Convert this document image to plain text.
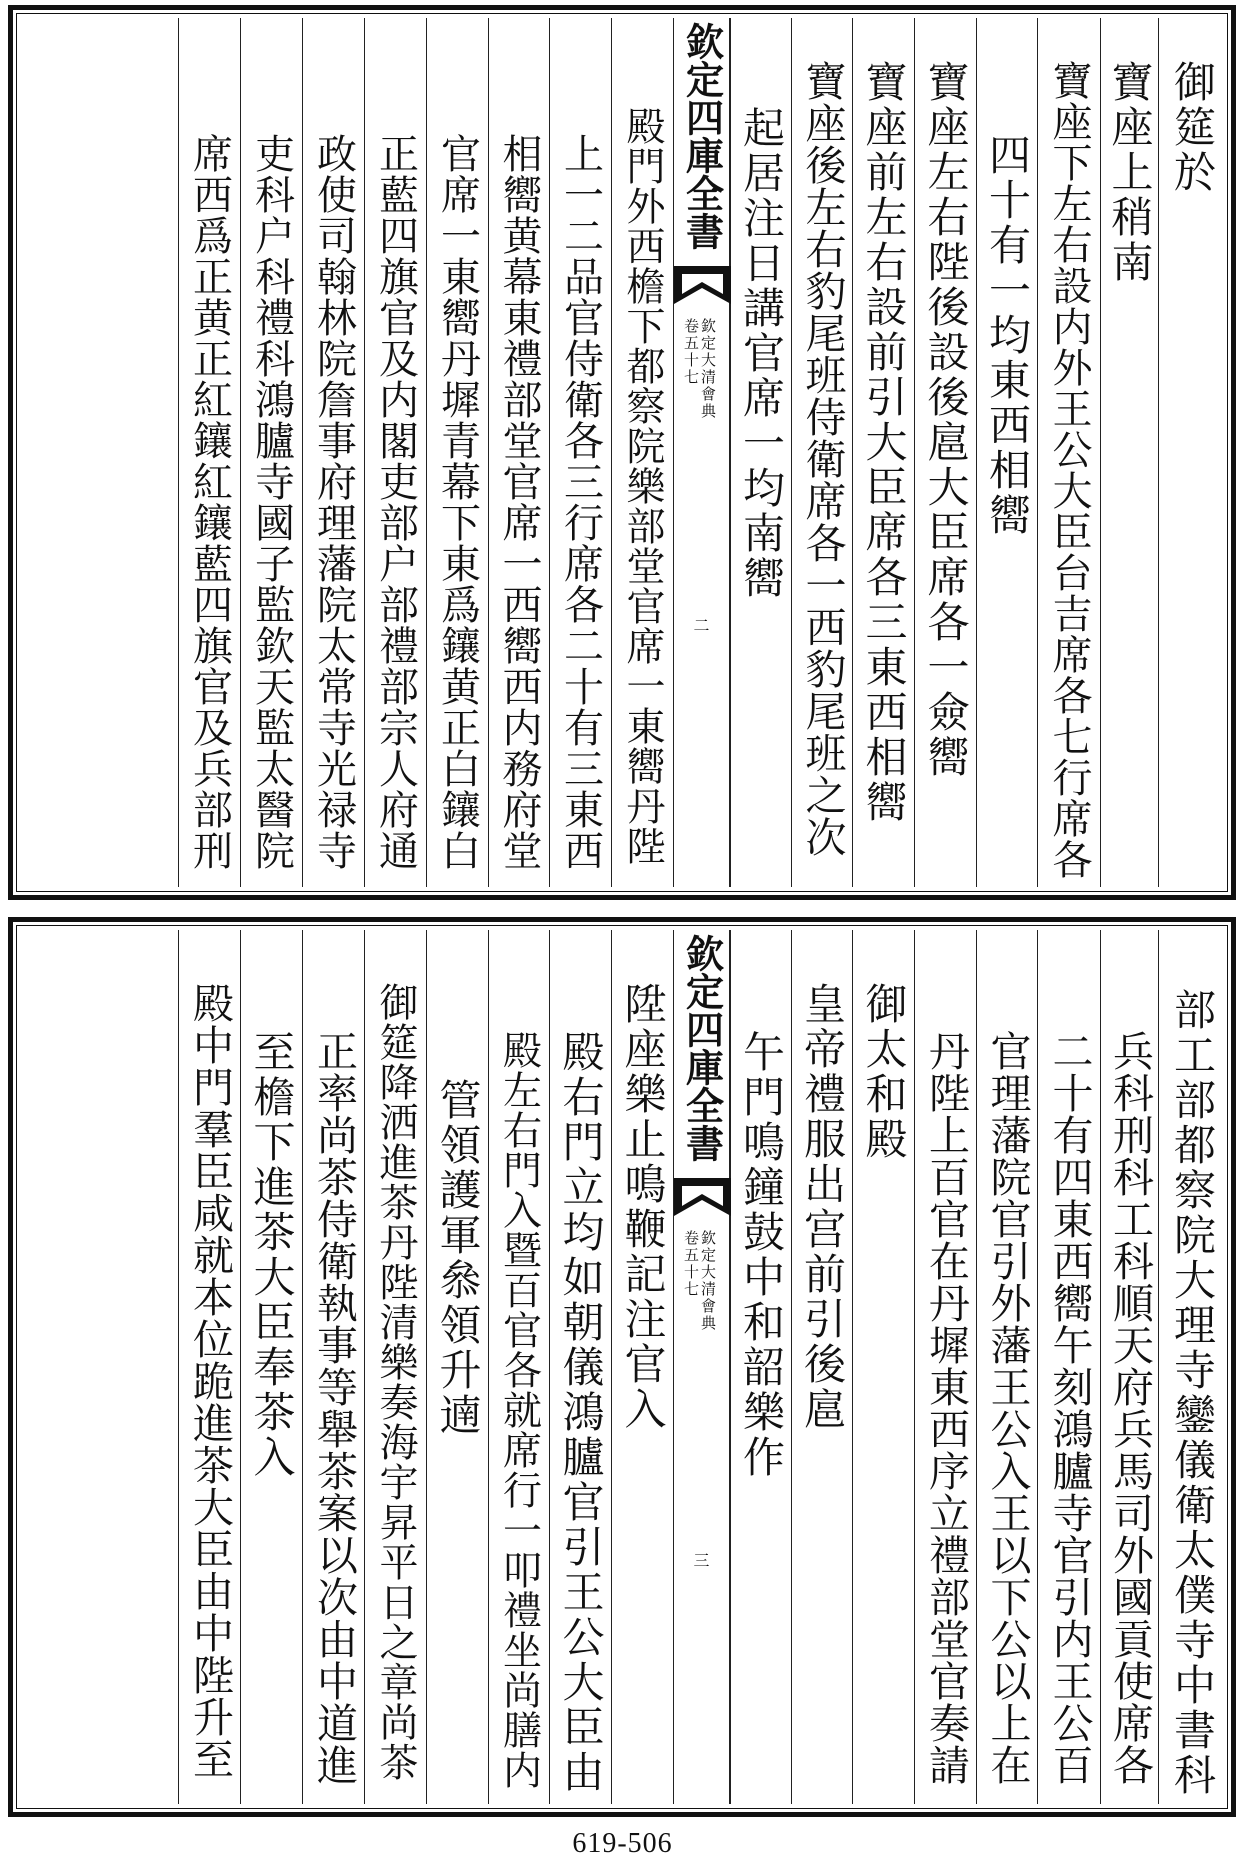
御筵於
寶座上稍南
寶座下左右設内外王公大臣台吉席各七行席各
四十有一均東西相嚮
寶座左右陛後設後扈大臣席各一僉嚮
寶座前左右設前引大臣席各三東西相嚮
寶座後左右豹尾班侍衛席各一西豹尾班之次
起居注日講官席一均南嚮
欽定四庫全書
欽定大清會典
卷五十七
二
殿門外西檐下都察院樂部堂官席一東嚮丹陛
上一二品官侍衛各三行席各二十有三東西
相嚮黄幕東禮部堂官席一西嚮西内務府堂
官席一東嚮丹墀青幕下東爲鑲黄正白鑲白
正藍四旗官及内閣吏部户部禮部宗人府通
政使司翰林院詹事府理藩院太常寺光禄寺
吏科户科禮科鴻臚寺國子監欽天監太醫院
席西爲正黄正紅鑲紅鑲藍四旗官及兵部刑
部工部都察院大理寺鑾儀衛太僕寺中書科
兵科刑科工科順天府兵馬司外國貢使席各
二十有四東西嚮午刻鴻臚寺官引内王公百
官理藩院官引外藩王公入王以下公以上在
丹陛上百官在丹墀東西序立禮部堂官奏請
御太和殿
皇帝禮服出宫前引後扈
午門鳴鐘鼓中和韶樂作
欽定四庫全書
欽定大清會典
卷五十七
三
陞座樂止鳴鞭記注官入
殿右門立均如朝儀鴻臚官引王公大臣由
殿左右門入暨百官各就席行一叩禮坐尚膳内
管領護軍叅領升遖
御筵降洒進茶丹陛清樂奏海宇昇平日之章尚茶
正率尚茶侍衛執事等舉茶案以次由中道進
至檐下進茶大臣奉茶入
殿中門羣臣咸就本位跪進茶大臣由中陛升至
619-506
